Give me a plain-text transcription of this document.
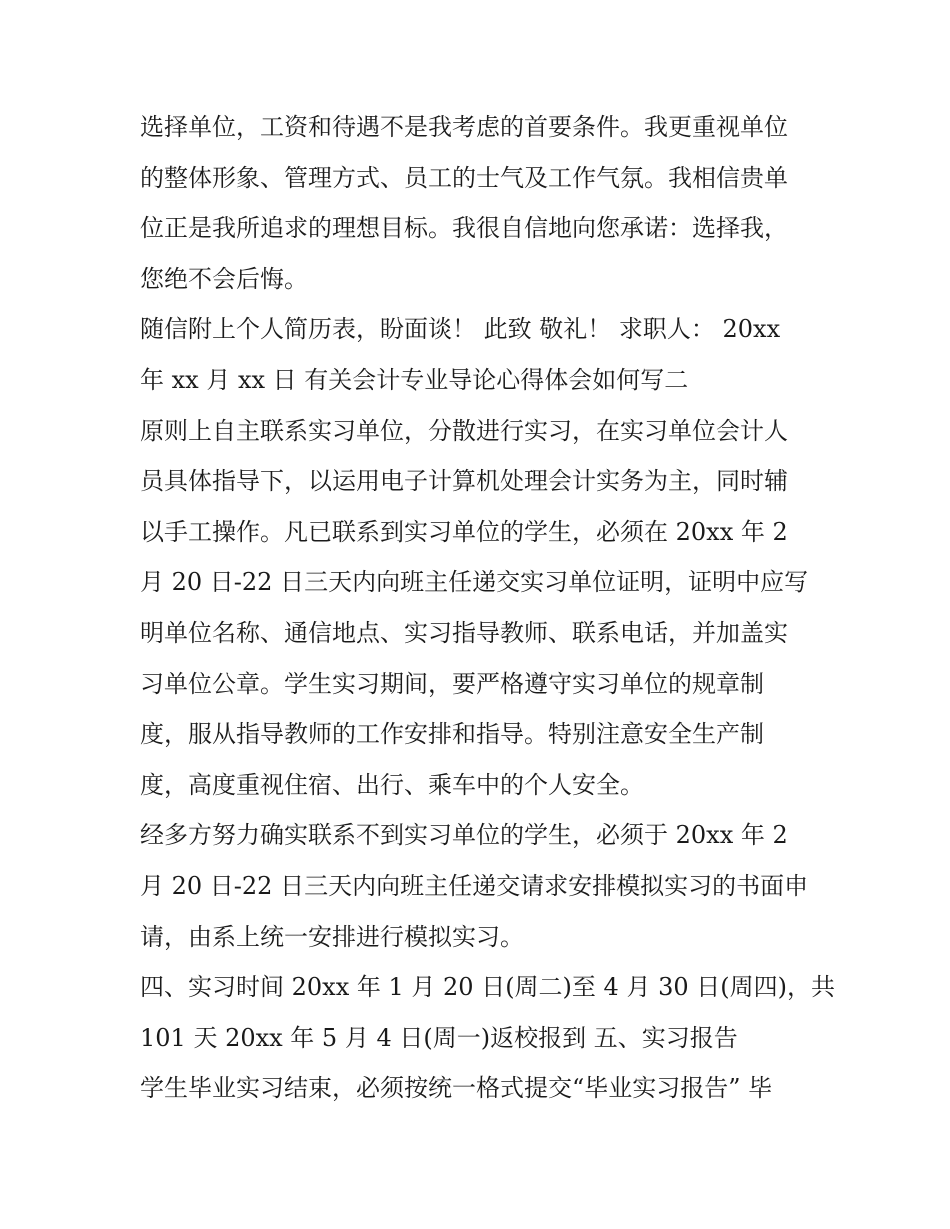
选择单位，工资和待遇不是我考虑的首要条件。我更重视单位
的整体形象、管理方式、员工的士气及工作气氛。我相信贵单
位正是我所追求的理想目标。我很自信地向您承诺：选择我，
您绝不会后悔。
随信附上个人简历表，盼面谈！ 此致 敬礼！ 求职人： 20xx
年 xx 月 xx 日 有关会计专业导论心得体会如何写二
原则上自主联系实习单位，分散进行实习，在实习单位会计人
员具体指导下，以运用电子计算机处理会计实务为主，同时辅
以手工操作。凡已联系到实习单位的学生，必须在 20xx 年 2
月 20 日-22 日三天内向班主任递交实习单位证明，证明中应写
明单位名称、通信地点、实习指导教师、联系电话，并加盖实
习单位公章。学生实习期间，要严格遵守实习单位的规章制
度，服从指导教师的工作安排和指导。特别注意安全生产制
度，高度重视住宿、出行、乘车中的个人安全。
经多方努力确实联系不到实习单位的学生，必须于 20xx 年 2
月 20 日-22 日三天内向班主任递交请求安排模拟实习的书面申
请，由系上统一安排进行模拟实习。
四、实习时间 20xx 年 1 月 20 日(周二)至 4 月 30 日(周四)，共
101 天 20xx 年 5 月 4 日(周一)返校报到 五、实习报告
学生毕业实习结束，必须按统一格式提交“毕业实习报告” 毕
